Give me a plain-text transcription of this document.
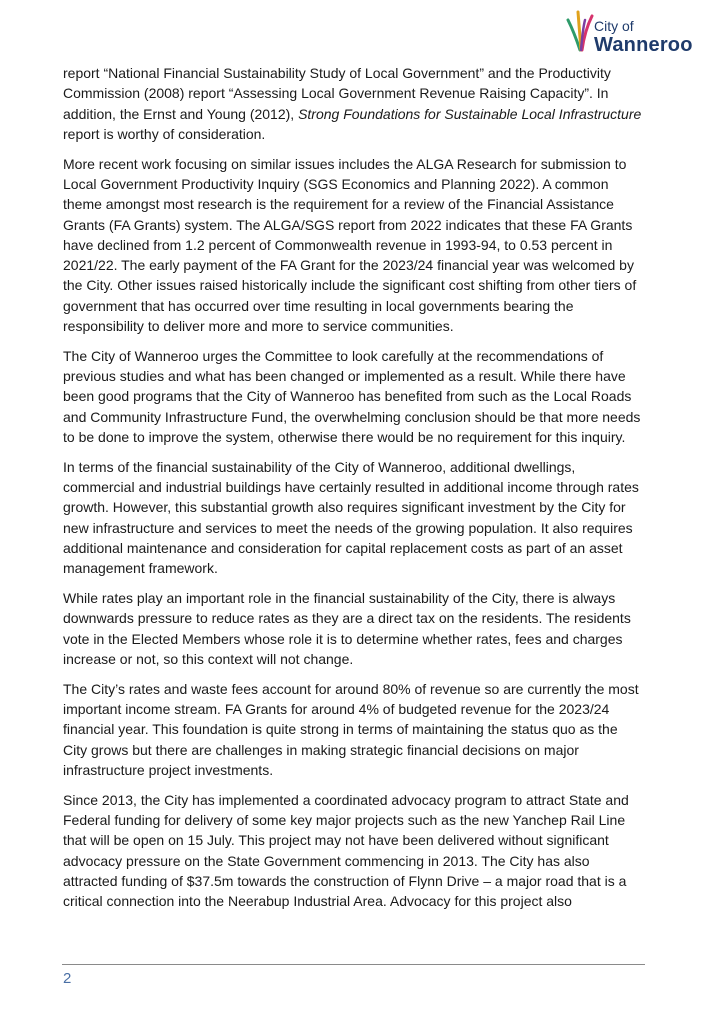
City of
Wanneroo

report “National Financial Sustainability Study of Local Government” and the Productivity Commission (2008) report “Assessing Local Government Revenue Raising Capacity”. In addition, the Ernst and Young (2012), Strong Foundations for Sustainable Local Infrastructure report is worthy of consideration.

More recent work focusing on similar issues includes the ALGA Research for submission to Local Government Productivity Inquiry (SGS Economics and Planning 2022). A common theme amongst most research is the requirement for a review of the Financial Assistance Grants (FA Grants) system. The ALGA/SGS report from 2022 indicates that these FA Grants have declined from 1.2 percent of Commonwealth revenue in 1993-94, to 0.53 percent in 2021/22. The early payment of the FA Grant for the 2023/24 financial year was welcomed by the City. Other issues raised historically include the significant cost shifting from other tiers of government that has occurred over time resulting in local governments bearing the responsibility to deliver more and more to service communities.

The City of Wanneroo urges the Committee to look carefully at the recommendations of previous studies and what has been changed or implemented as a result. While there have been good programs that the City of Wanneroo has benefited from such as the Local Roads and Community Infrastructure Fund, the overwhelming conclusion should be that more needs to be done to improve the system, otherwise there would be no requirement for this inquiry.

In terms of the financial sustainability of the City of Wanneroo, additional dwellings, commercial and industrial buildings have certainly resulted in additional income through rates growth. However, this substantial growth also requires significant investment by the City for new infrastructure and services to meet the needs of the growing population. It also requires additional maintenance and consideration for capital replacement costs as part of an asset management framework.

While rates play an important role in the financial sustainability of the City, there is always downwards pressure to reduce rates as they are a direct tax on the residents. The residents vote in the Elected Members whose role it is to determine whether rates, fees and charges increase or not, so this context will not change.

The City’s rates and waste fees account for around 80% of revenue so are currently the most important income stream. FA Grants for around 4% of budgeted revenue for the 2023/24 financial year. This foundation is quite strong in terms of maintaining the status quo as the City grows but there are challenges in making strategic financial decisions on major infrastructure project investments.

Since 2013, the City has implemented a coordinated advocacy program to attract State and Federal funding for delivery of some key major projects such as the new Yanchep Rail Line that will be open on 15 July. This project may not have been delivered without significant advocacy pressure on the State Government commencing in 2013. The City has also attracted funding of $37.5m towards the construction of Flynn Drive – a major road that is a critical connection into the Neerabup Industrial Area. Advocacy for this project also

2
